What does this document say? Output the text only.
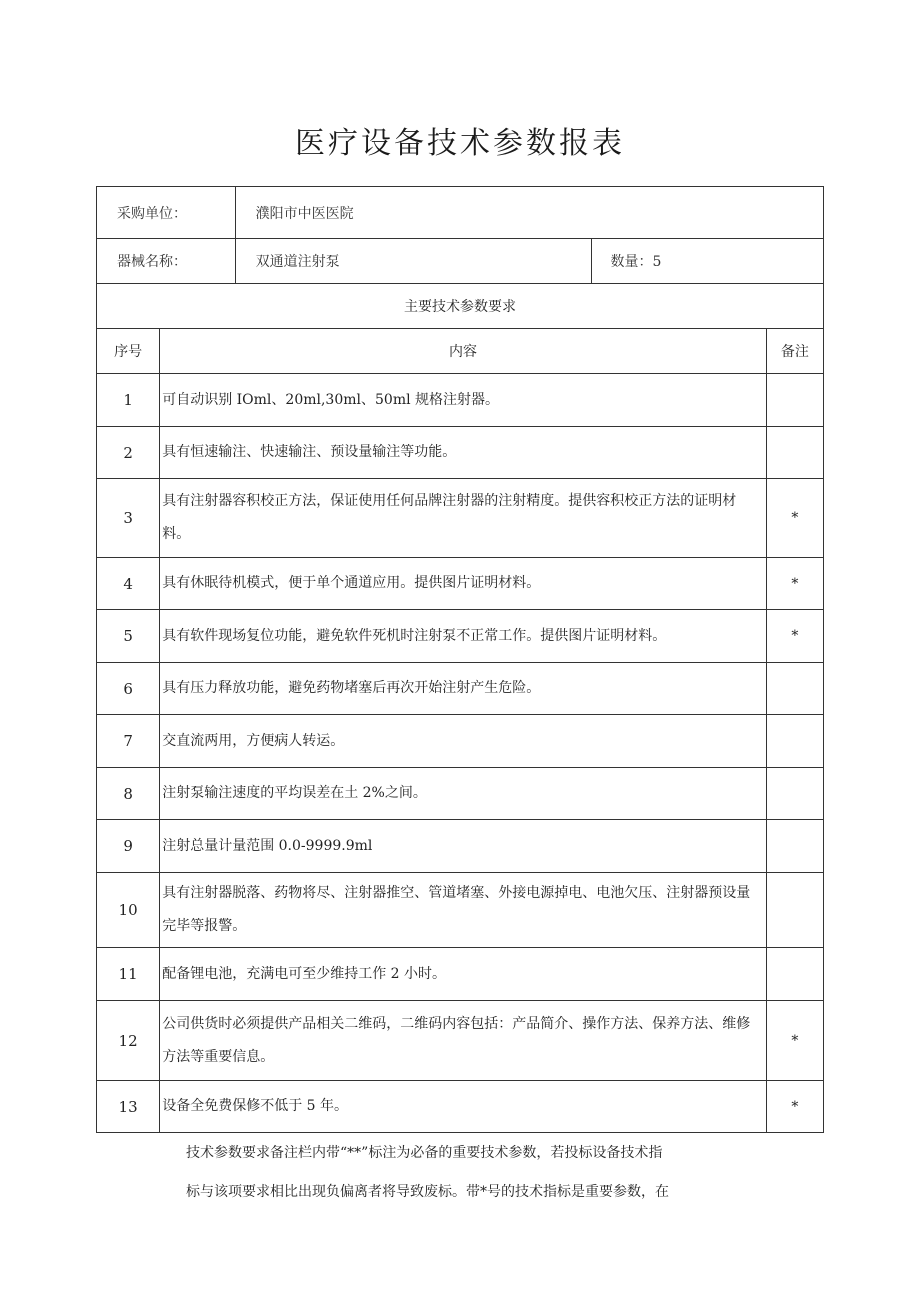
医疗设备技术参数报表
采购单位：		濮阳市中医医院		
器械名称：		双通道注射泵	数量：5	
主要技术参数要求				
序号	内容			备注
1	可自动识别 IOml、20ml,30ml、50ml 规格注射器。			
2	具有恒速输注、快速输注、预设量输注等功能。			
3	具有注射器容积校正方法，保证使用任何品牌注射器的注射精度。提供容积校正方法的证明材料。			*
4	具有休眠待机模式，便于单个通道应用。提供图片证明材料。			*
5	具有软件现场复位功能，避免软件死机时注射泵不正常工作。提供图片证明材料。			*
6	具有压力释放功能，避免药物堵塞后再次开始注射产生危险。			
7	交直流两用，方便病人转运。			
8	注射泵输注速度的平均误差在土 2%之间。			
9	注射总量计量范围 0.0-9999.9ml			
10	具有注射器脱落、药物将尽、注射器推空、管道堵塞、外接电源掉电、电池欠压、注射器预设量完毕等报警。			
11	配备锂电池，充满电可至少维持工作 2 小时。			
12	公司供货时必须提供产品相关二维码，二维码内容包括：产品简介、操作方法、保养方法、维修方法等重要信息。			*
13	设备全免费保修不低于 5 年。			*
技术参数要求备注栏内带“**”标注为必备的重要技术参数，若投标设备技术指
标与该项要求相比出现负偏离者将导致废标。带*号的技术指标是重要参数，在
